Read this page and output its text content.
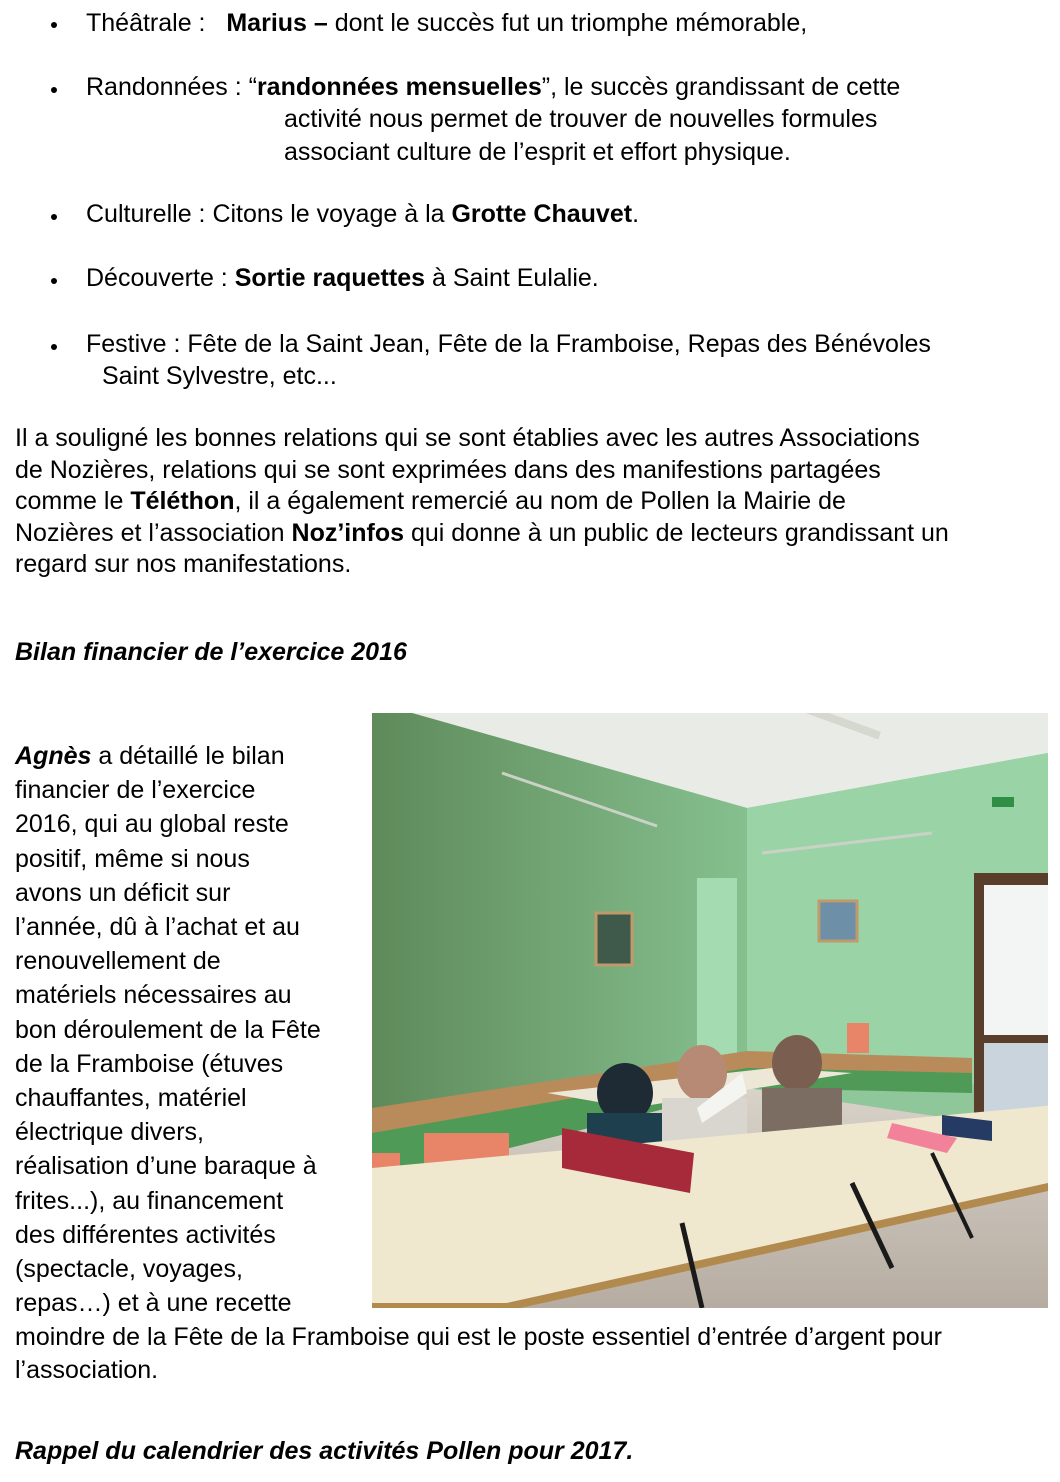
Théâtrale : Marius – dont le succès fut un triomphe mémorable,
Randonnées : “randonnées mensuelles”, le succès grandissant de cette
activité nous permet de trouver de nouvelles formules
associant culture de l’esprit et effort physique.
Culturelle : Citons le voyage à la Grotte Chauvet.
Découverte : Sortie raquettes à Saint Eulalie.
Festive : Fête de la Saint Jean, Fête de la Framboise, Repas des Bénévoles
Saint Sylvestre, etc...
Il a souligné les bonnes relations qui se sont établies avec les autres Associations
de Nozières, relations qui se sont exprimées dans des manifestions partagées
comme le Téléthon, il a également remercié au nom de Pollen la Mairie de
Nozières et l’association Noz’infos qui donne à un public de lecteurs grandissant un
regard sur nos manifestations.
Bilan financier de l’exercice 2016
Agnès a détaillé le bilan
financier de l’exercice
2016, qui au global reste
positif, même si nous
avons un déficit sur
l’année, dû à l’achat et au
renouvellement de
matériels nécessaires au
bon déroulement de la Fête
de la Framboise (étuves
chauffantes, matériel
électrique divers,
réalisation d’une baraque à
frites...), au financement
des différentes activités
(spectacle, voyages,
repas…) et à une recette
moindre de la Fête de la Framboise qui est le poste essentiel d’entrée d’argent pour
l’association.
Rappel du calendrier des activités Pollen pour 2017.
